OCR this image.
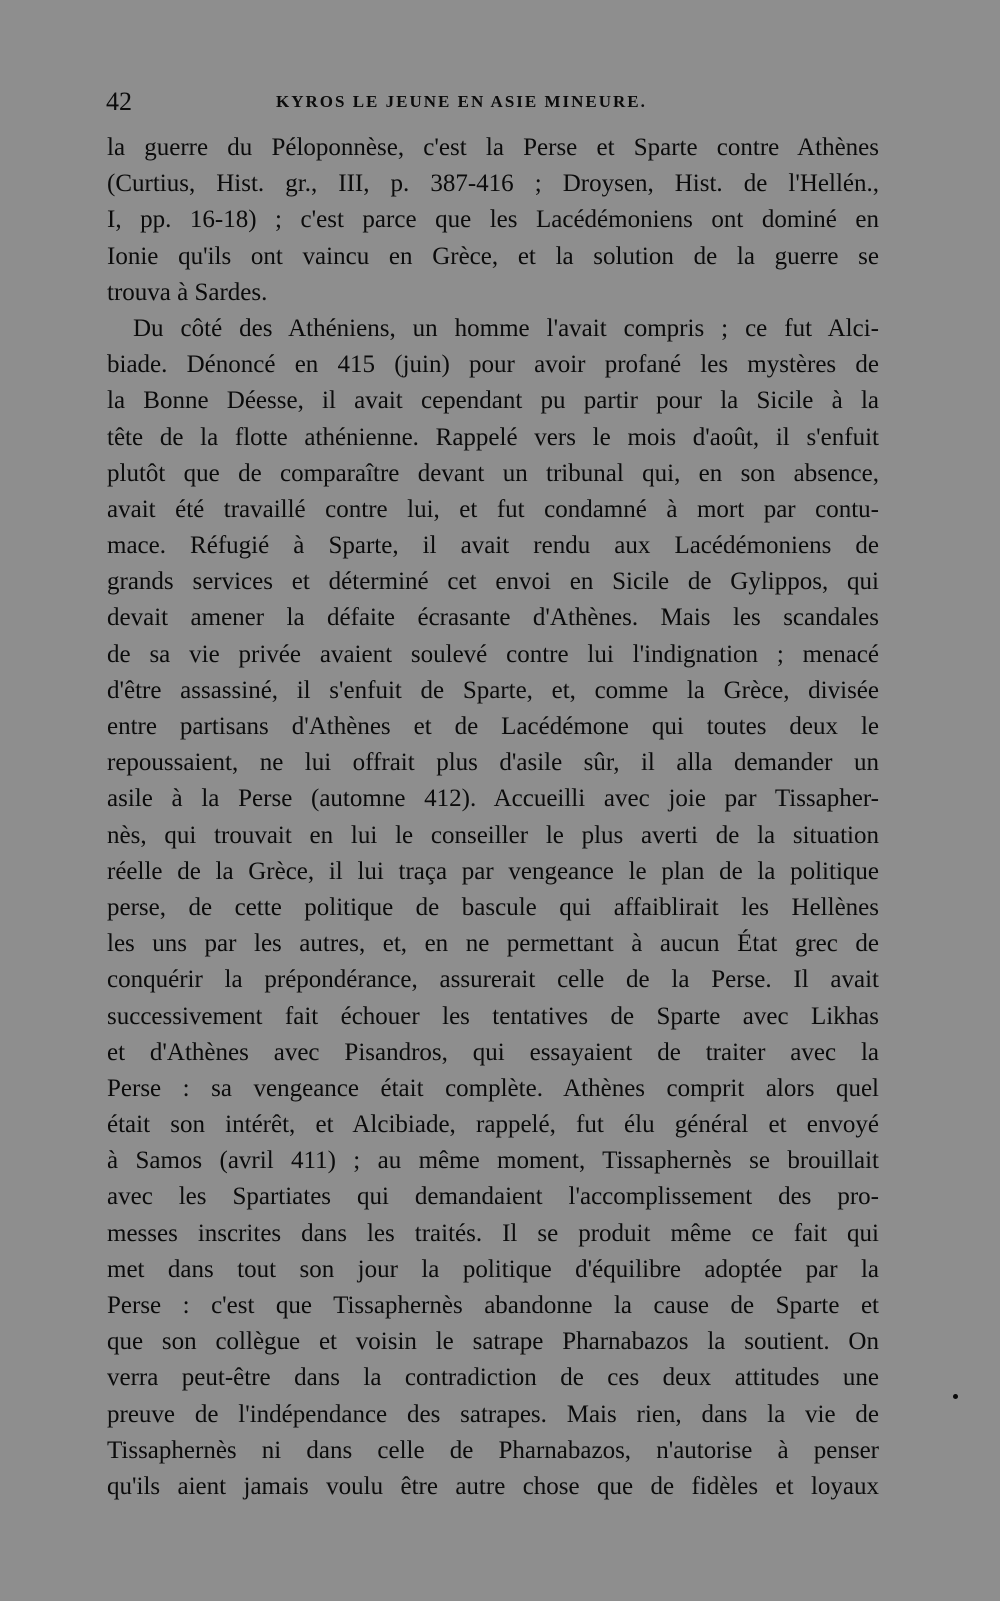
42	KYROS LE JEUNE EN ASIE MINEURE.
la guerre du Péloponnèse, c'est la Perse et Sparte contre Athènes
(Curtius, Hist. gr., III, p. 387-416 ; Droysen, Hist. de l'Hellén.,
I, pp. 16-18) ; c'est parce que les Lacédémoniens ont dominé en
Ionie qu'ils ont vaincu en Grèce, et la solution de la guerre se
trouva à Sardes.
Du côté des Athéniens, un homme l'avait compris ; ce fut Alci-
biade. Dénoncé en 415 (juin) pour avoir profané les mystères de
la Bonne Déesse, il avait cependant pu partir pour la Sicile à la
tête de la flotte athénienne. Rappelé vers le mois d'août, il s'enfuit
plutôt que de comparaître devant un tribunal qui, en son absence,
avait été travaillé contre lui, et fut condamné à mort par contu-
mace. Réfugié à Sparte, il avait rendu aux Lacédémoniens de
grands services et déterminé cet envoi en Sicile de Gylippos, qui
devait amener la défaite écrasante d'Athènes. Mais les scandales
de sa vie privée avaient soulevé contre lui l'indignation ; menacé
d'être assassiné, il s'enfuit de Sparte, et, comme la Grèce, divisée
entre partisans d'Athènes et de Lacédémone qui toutes deux le
repoussaient, ne lui offrait plus d'asile sûr, il alla demander un
asile à la Perse (automne 412). Accueilli avec joie par Tissapher-
nès, qui trouvait en lui le conseiller le plus averti de la situation
réelle de la Grèce, il lui traça par vengeance le plan de la politique
perse, de cette politique de bascule qui affaiblirait les Hellènes
les uns par les autres, et, en ne permettant à aucun État grec de
conquérir la prépondérance, assurerait celle de la Perse. Il avait
successivement fait échouer les tentatives de Sparte avec Likhas
et d'Athènes avec Pisandros, qui essayaient de traiter avec la
Perse : sa vengeance était complète. Athènes comprit alors quel
était son intérêt, et Alcibiade, rappelé, fut élu général et envoyé
à Samos (avril 411) ; au même moment, Tissaphernès se brouillait
avec les Spartiates qui demandaient l'accomplissement des pro-
messes inscrites dans les traités. Il se produit même ce fait qui
met dans tout son jour la politique d'équilibre adoptée par la
Perse : c'est que Tissaphernès abandonne la cause de Sparte et
que son collègue et voisin le satrape Pharnabazos la soutient. On
verra peut-être dans la contradiction de ces deux attitudes une
preuve de l'indépendance des satrapes. Mais rien, dans la vie de
Tissaphernès ni dans celle de Pharnabazos, n'autorise à penser
qu'ils aient jamais voulu être autre chose que de fidèles et loyaux
